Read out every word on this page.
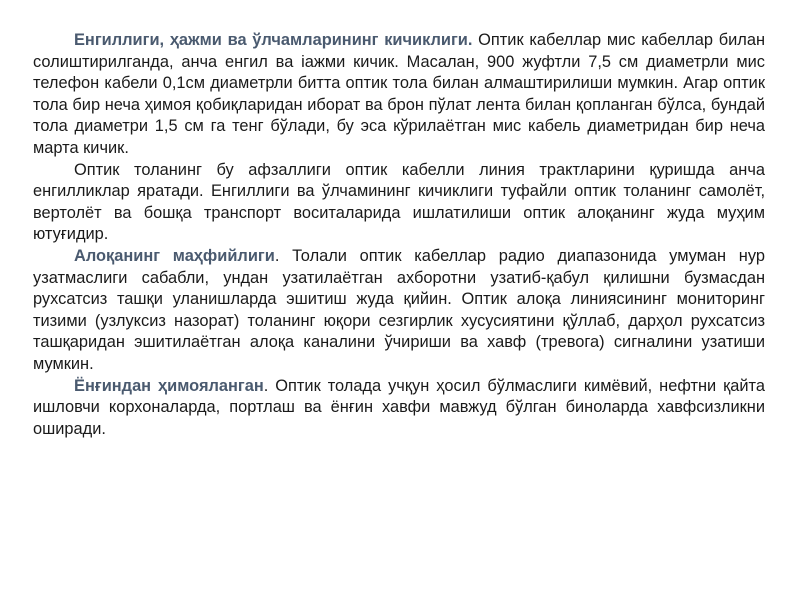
Енгиллиги, ҳажми ва ўлчамларининг кичиклиги. Оптик кабеллар мис кабеллар билан солиштирилганда, анча енгил ва іажми кичик. Масалан, 900 жуфтли 7,5 см диаметрли мис телефон кабели 0,1см диаметрли битта оптик тола билан алмаштирилиши мумкин. Агар оптик тола бир неча ҳимоя қобиқларидан иборат ва брон пўлат лента билан қопланган бўлса, бундай тола диаметри 1,5 см га тенг бўлади, бу эса кўрилаётган мис кабель диаметридан бир неча марта кичик.

Оптик толанинг бу афзаллиги оптик кабелли линия трактларини қуришда анча енгилликлар яратади. Енгиллиги ва ўлчамининг кичиклиги туфайли оптик толанинг самолёт, вертолёт ва бошқа транспорт воситаларида ишлатилиши оптик алоқанинг жуда муҳим ютуғидир.

Алоқанинг маҳфийлиги. Толали оптик кабеллар радио диапазонида умуман нур узатмаслиги сабабли, ундан узатилаётган ахборотни узатиб-қабул қилишни бузмасдан рухсатсиз ташқи уланишларда эшитиш жуда қийин. Оптик алоқа линиясининг мониторинг тизими (узлуксиз назорат) толанинг юқори сезгирлик хусусиятини қўллаб, дарҳол рухсатсиз ташқаридан эшитилаётган алоқа каналини ўчириши ва хавф (тревога) сигналини узатиши мумкин.

Ёнғиндан ҳимояланган. Оптик толада учқун ҳосил бўлмаслиги кимёвий, нефтни қайта ишловчи корхоналарда, портлаш ва ёнғин хавфи мавжуд бўлган биноларда хавфсизликни оширади.
